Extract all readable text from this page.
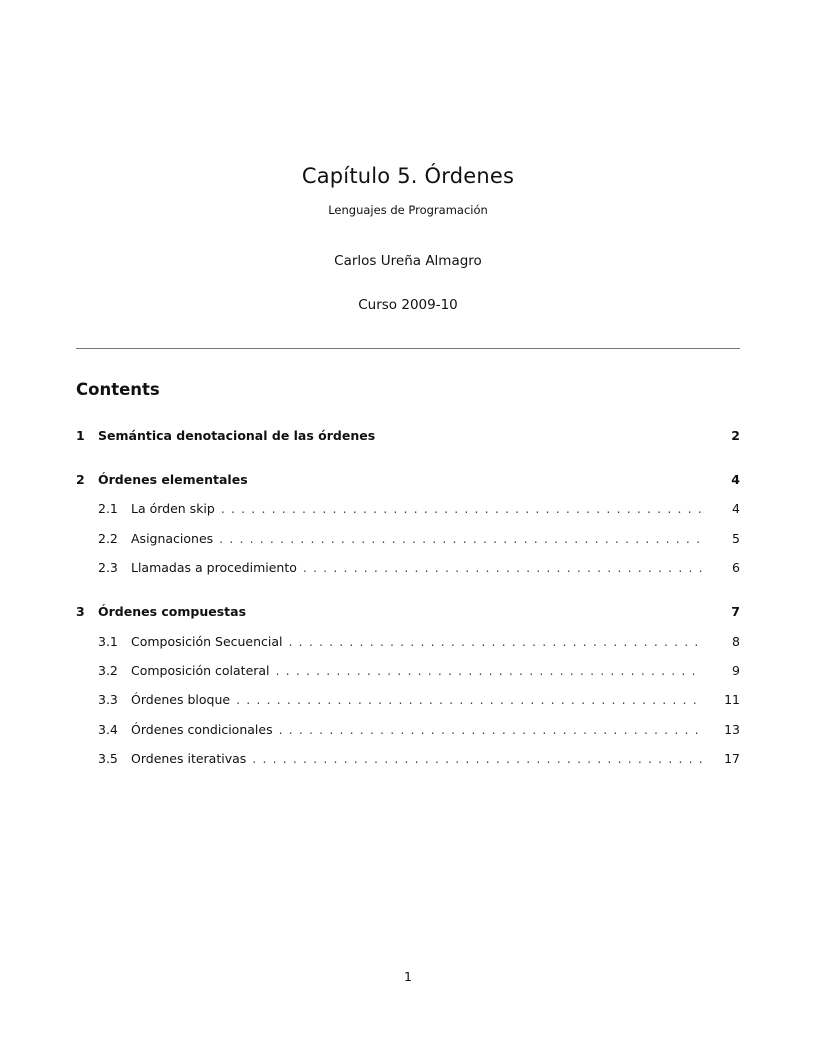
Capítulo 5. Órdenes
Lenguajes de Programación
Carlos Ureña Almagro
Curso 2009-10
Contents
1	Semántica denotacional de las órdenes	2
2	Órdenes elementales	4
2.1	La órden skip . . .	4
2.2	Asignaciones . . .	5
2.3	Llamadas a procedimiento . . .	6
3	Órdenes compuestas	7
3.1	Composición Secuencial . . .	8
3.2	Composición colateral . . .	9
3.3	Órdenes bloque . . .	11
3.4	Órdenes condicionales . . .	13
3.5	Ordenes iterativas . . .	17
1
